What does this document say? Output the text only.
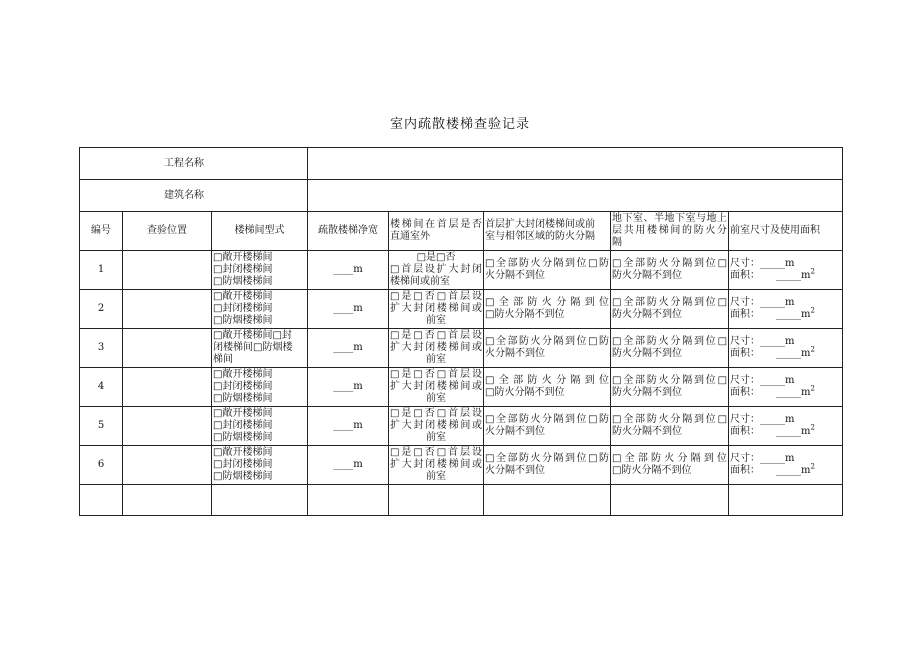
室内疏散楼梯查验记录
工程名称							
建筑名称							
编号	查验位置	楼梯间型式	疏散楼梯净宽	楼梯间在首层是否
直通室外	首层扩大封闭楼梯间或前
室与相邻区域的防火分隔	地下室、半地下室与地上
层共用楼梯间的防火分
隔	前室尺寸及使用面积
1		□敞开楼梯间
□封闭楼梯间
□防烟楼梯间	____m	□是□否
□首层设扩大封闭
楼梯间或前室	□全部防火分隔到位□防
火分隔不到位	□全部防火分隔到位□
防火分隔不到位	尺寸：_____m
面积： $\_\_\_\_\_m^2$

2		□敞开楼梯间
□封闭楼梯间
□防烟楼梯间	____m	□是□否□首层设
扩大封闭楼梯间或
前室	□全部防火分隔到位
□防火分隔不到位	□全部防火分隔到位□
防火分隔不到位	尺寸：_____m
面积： $\_\_\_\_\_m^2$

3		□敞开楼梯间□封
闭楼梯间□防烟楼
梯间	____m	□是□否□首层设
扩大封闭楼梯间或
前室	□全部防火分隔到位□防
火分隔不到位	□全部防火分隔到位□
防火分隔不到位	尺寸：_____m
面积： $\_\_\_\_\_m^2$

4		□敞开楼梯间
□封闭楼梯间
□防烟楼梯间	____m	□是□否□首层设
扩大封闭楼梯间或
前室	□全部防火分隔到位
□防火分隔不到位	□全部防火分隔到位□
防火分隔不到位	尺寸：_____m
面积： $\_\_\_\_\_m^2$

5		□敞开楼梯间
□封闭楼梯间
□防烟楼梯间	____m	□是□否□首层设
扩大封闭楼梯间或
前室	□全部防火分隔到位□防
火分隔不到位	□全部防火分隔到位□
防火分隔不到位	尺寸：_____m
面积： $\_\_\_\_\_m^2$

6		□敞开楼梯间
□封闭楼梯间
□防烟楼梯间	____m	□是□否□首层设
扩大封闭楼梯间或
前室	□全部防火分隔到位□防
火分隔不到位	□全部防火分隔到位
□防火分隔不到位	尺寸：_____m
面积： $\_\_\_\_\_m^2$
